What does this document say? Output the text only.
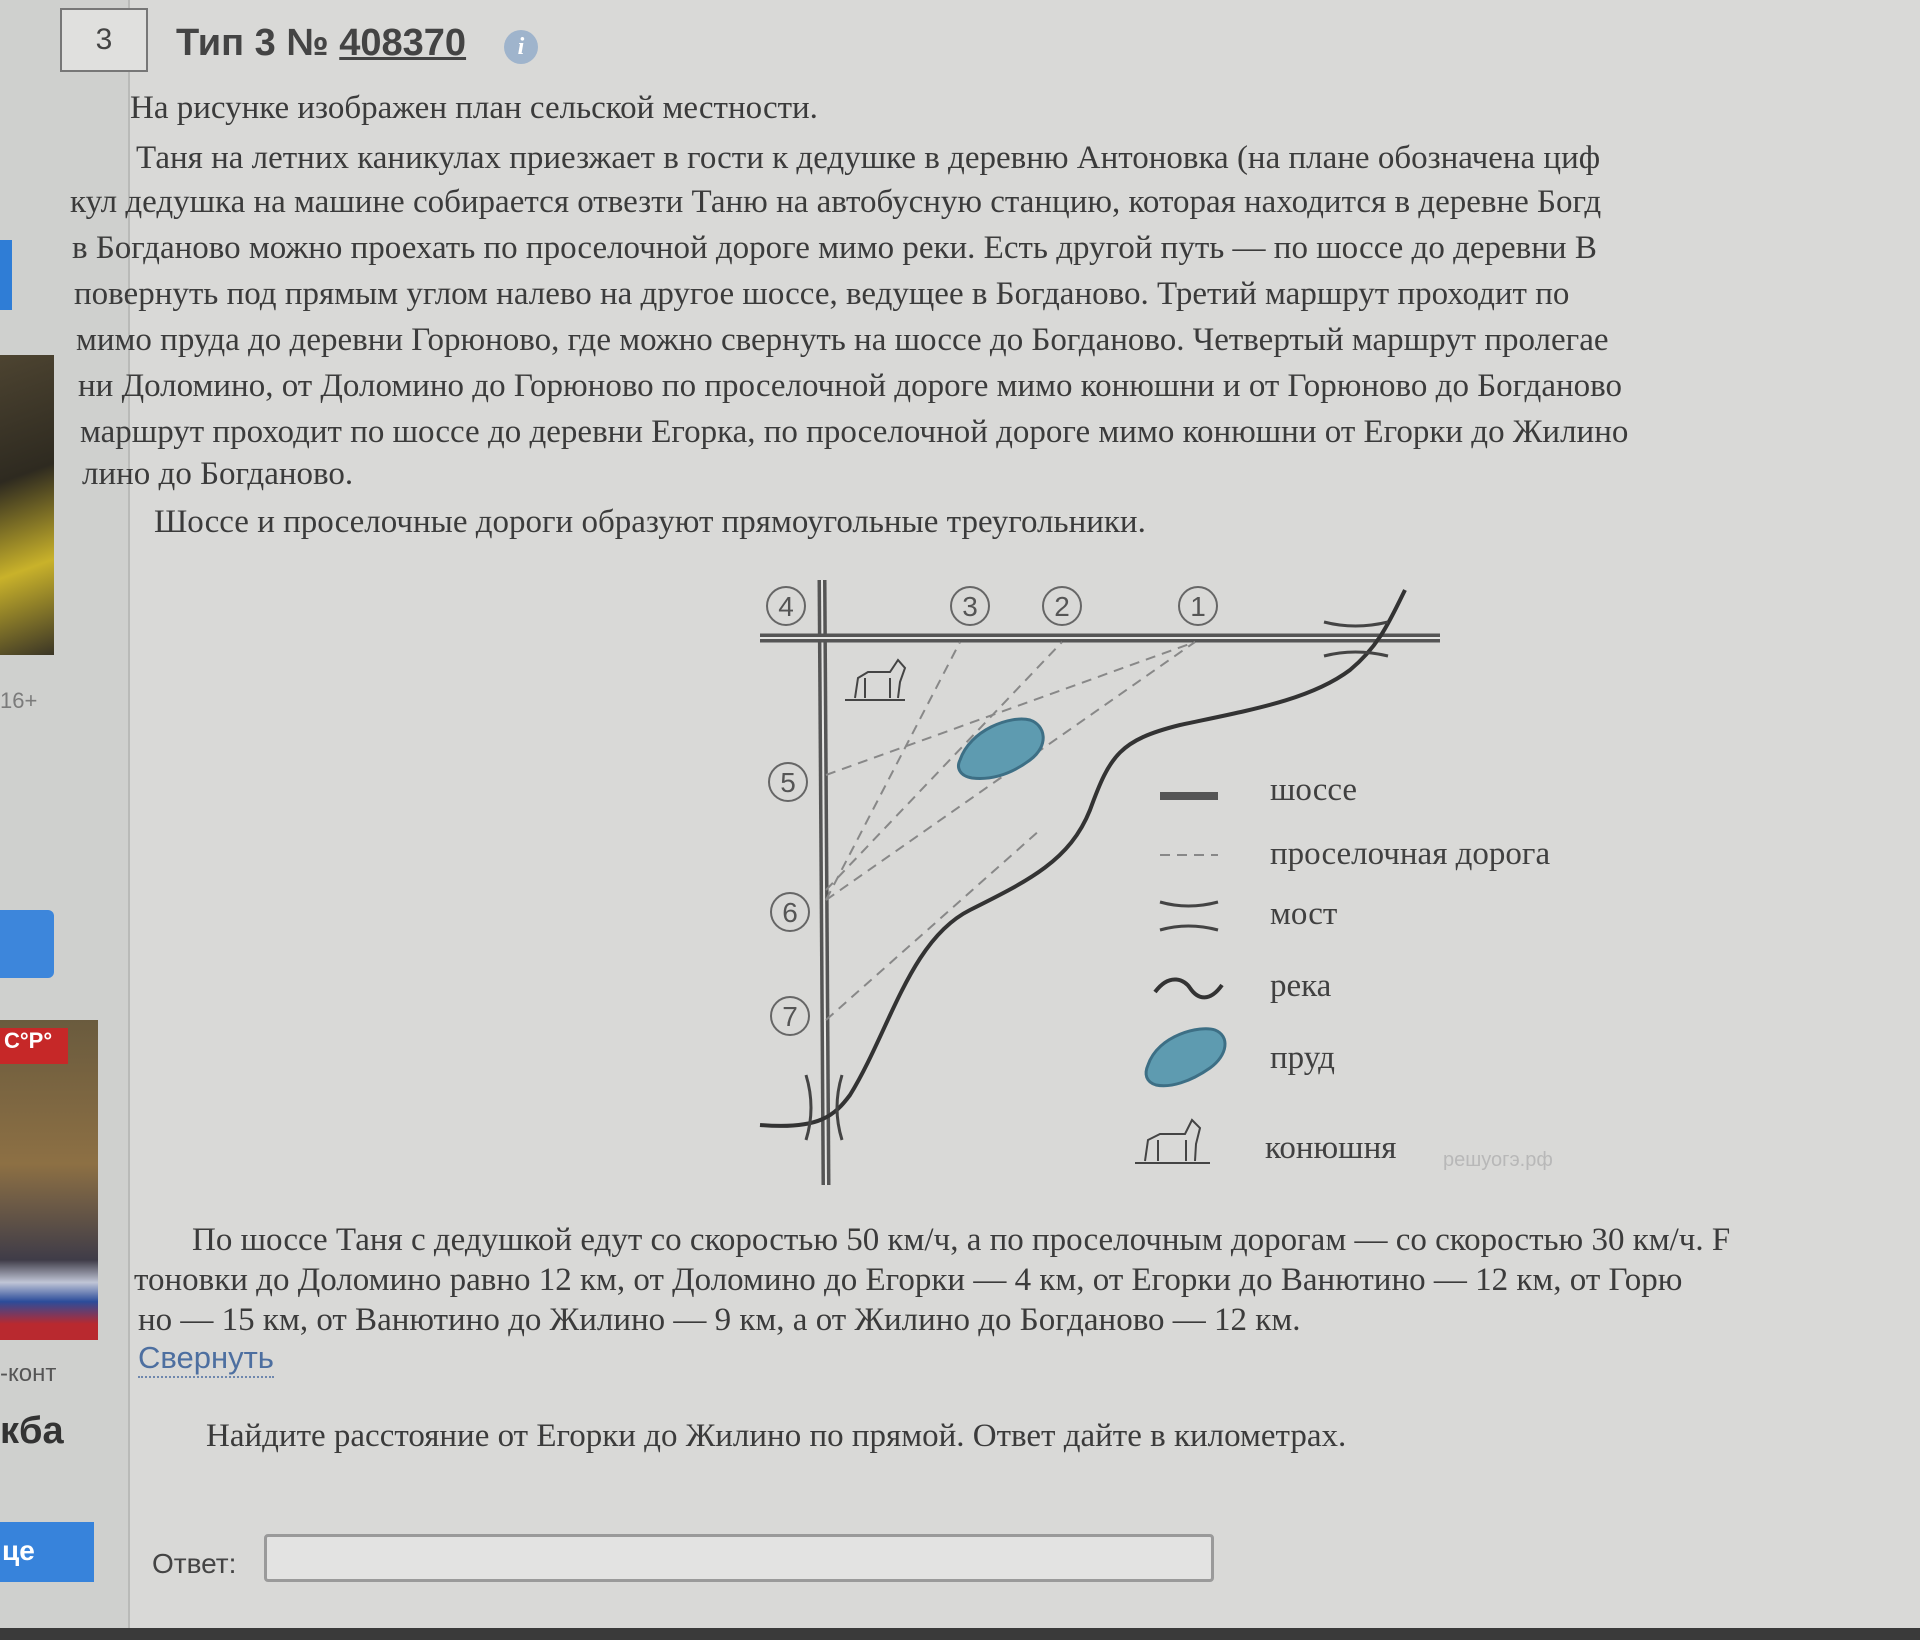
16+
С°Р°
-конт
кба
це
3	Тип 3 № 408370	i
На рисунке изображен план сельской местности.
Таня на летних каникулах приезжает в гости к дедушке в деревню Антоновка (на плане обозначена циф
кул дедушка на машине собирается отвезти Таню на автобусную станцию, которая находится в деревне Богд
в Богданово можно проехать по проселочной дороге мимо реки. Есть другой путь — по шоссе до деревни В
повернуть под прямым углом налево на другое шоссе, ведущее в Богданово. Третий маршрут проходит по
мимо пруда до деревни Горюново, где можно свернуть на шоссе до Богданово. Четвертый маршрут пролегае
ни Доломино, от Доломино до Горюново по проселочной дороге мимо конюшни и от Горюново до Богданово
маршрут проходит по шоссе до деревни Егорка, по проселочной дороге мимо конюшни от Егорки до Жилино
лино до Богданово.
Шоссе и проселочные дороги образуют прямоугольные треугольники.
4	3	2	1
5
6
7
шоссе
проселочная дорога
мост
река
пруд
конюшня решуогэ.рф
По шоссе Таня с дедушкой едут со скоростью 50 км/ч, а по проселочным дорогам — со скоростью 30 км/ч. F
тоновки до Доломино равно 12 км, от Доломино до Егорки — 4 км, от Егорки до Ванютино — 12 км, от Горю
но — 15 км, от Ванютино до Жилино — 9 км, а от Жилино до Богданово — 12 км.
Свернуть
Найдите расстояние от Егорки до Жилино по прямой. Ответ дайте в километрах.
Ответ:
